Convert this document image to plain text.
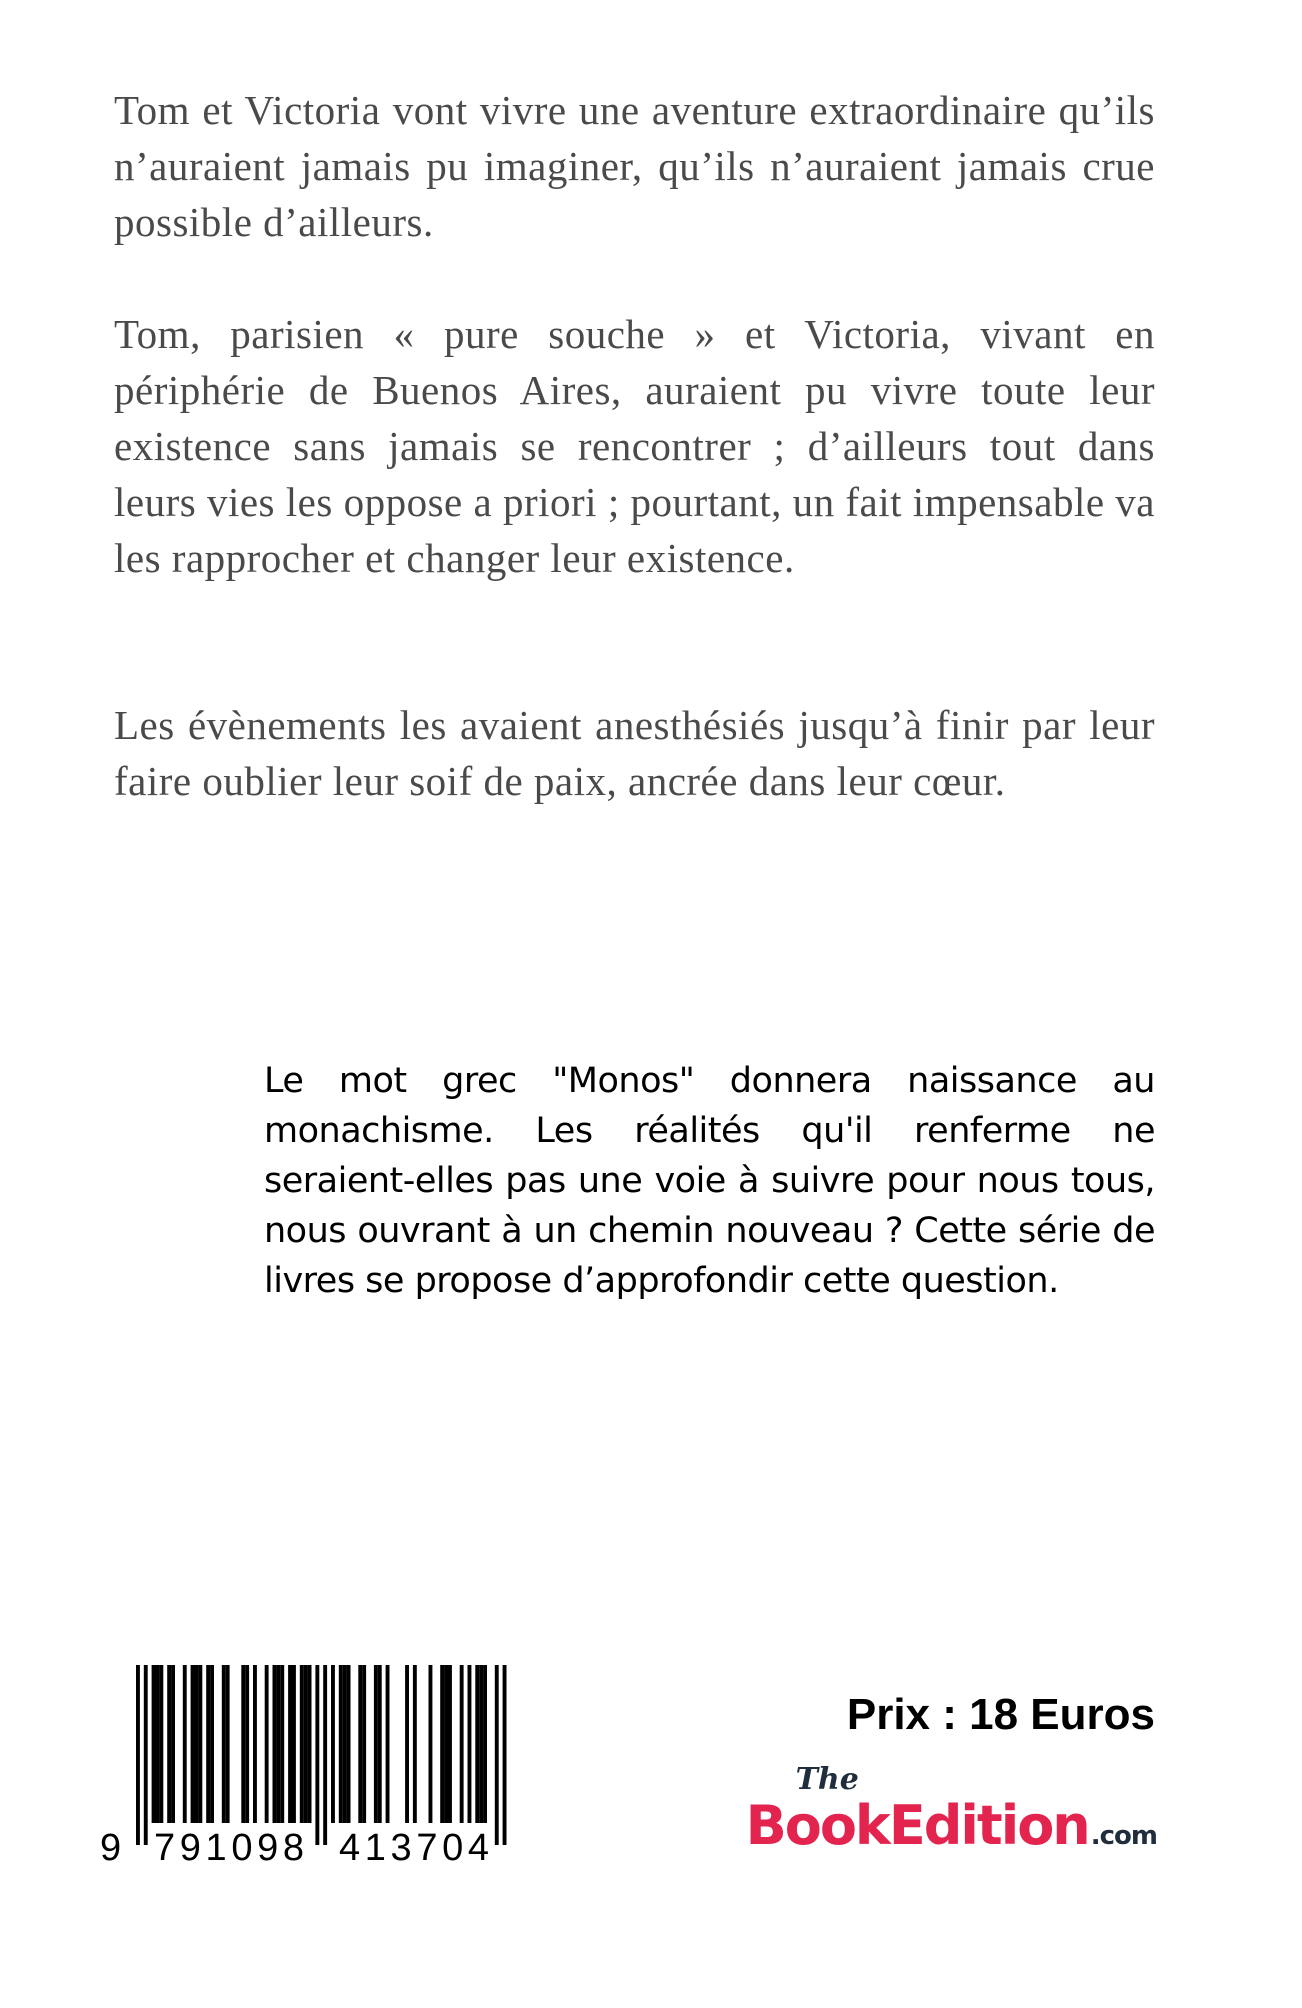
Tom et Victoria vont vivre une aventure extraordinaire qu’ils n’auraient jamais pu imaginer, qu’ils n’auraient jamais crue possible d’ailleurs.

Tom, parisien « pure souche » et Victoria, vivant en périphérie de Buenos Aires, auraient pu vivre toute leur existence sans jamais se rencontrer ; d’ailleurs tout dans leurs vies les oppose a priori ; pourtant, un fait impensable va les rapprocher et changer leur existence.

Les évènements les avaient anesthésiés jusqu’à finir par leur faire oublier leur soif de paix, ancrée dans leur cœur.

Le mot grec "Monos" donnera naissance au monachisme. Les réalités qu'il renferme ne seraient-elles pas une voie à suivre pour nous tous, nous ouvrant à un chemin nouveau ? Cette série de livres se propose d’approfondir cette question.

9 791098 413704
Prix : 18 Euros
The
BookEdition .com
